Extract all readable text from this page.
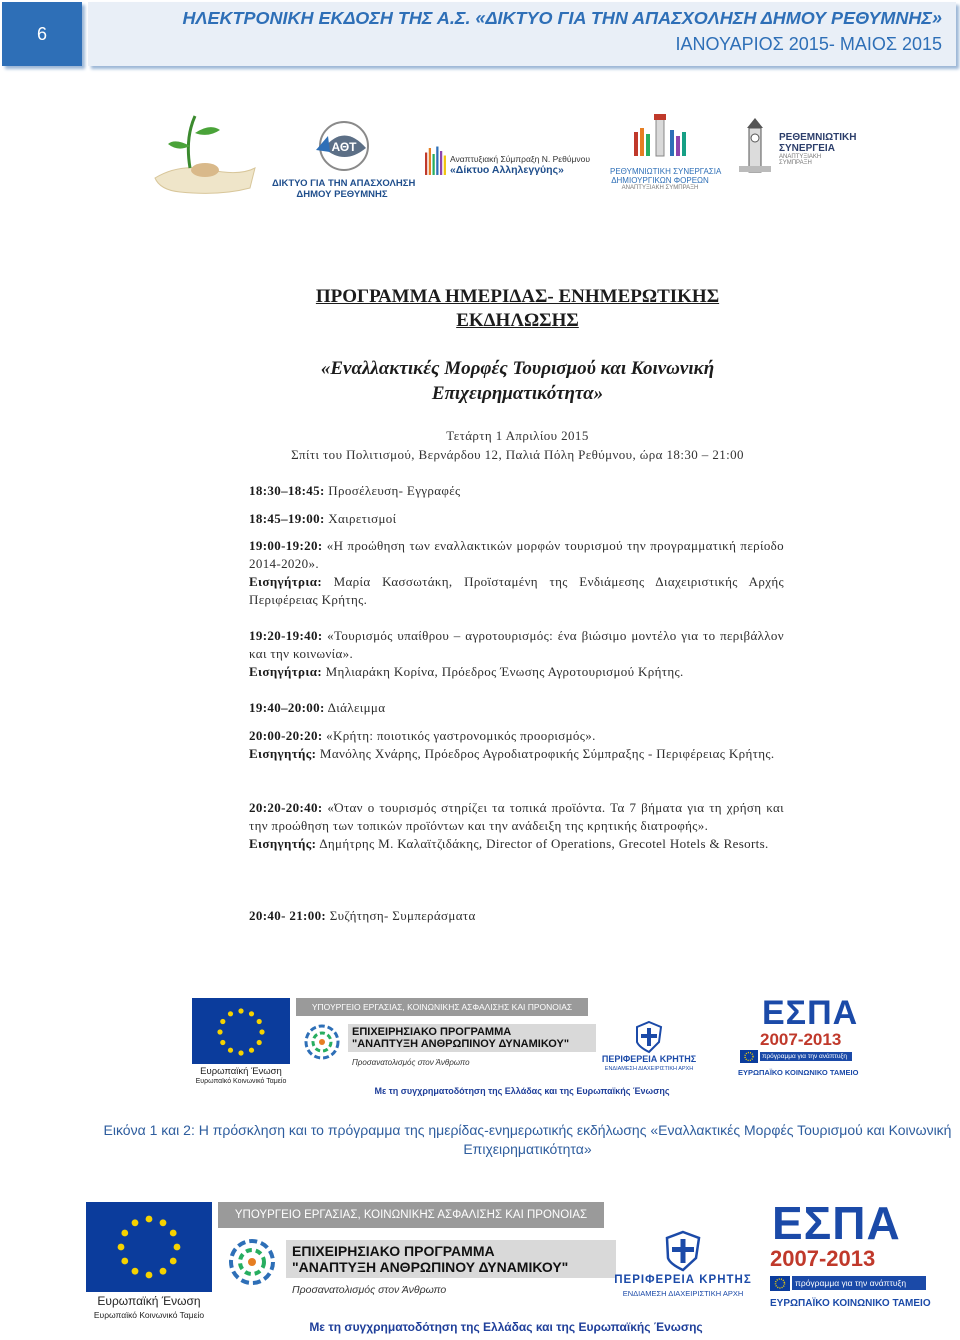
6
ΗΛΕΚΤΡΟΝΙΚΗ ΕΚΔΟΣΗ ΤΗΣ Α.Σ. «ΔΙΚΤΥΟ ΓΙΑ ΤΗΝ ΑΠΑΣΧΟΛΗΣΗ ΔΗΜΟΥ ΡΕΘΥΜΝΗΣ»
ΙΑΝΟΥΑΡΙΟΣ 2015- ΜΑΙΟΣ 2015
ΑΘΤ
ΔΙΚΤΥΟ ΓΙΑ ΤΗΝ ΑΠΑΣΧΟΛΗΣΗ
ΔΗΜΟΥ ΡΕΘΥΜΝΗΣ
Αναπτυξιακή Σύμπραξη Ν. Ρεθύμνου
«Δίκτυο Αλληλεγγύης»	ΡΕΘΥΜΝΙΩΤΙΚΗ ΣΥΝΕΡΓΑΣΙΑ
ΔΗΜΙΟΥΡΓΙΚΩΝ ΦΟΡΕΩΝ
ΑΝΑΠΤΥΞΙΑΚΗ ΣΥΜΠΡΑΞΗ
ΡΕΘΕΜΝΙΩΤΙΚΗ
ΣΥΝΕΡΓΕΙΑ
ΑΝΑΠΤΥΞΙΑΚΗ
ΣΥΜΠΡΑΞΗ
ΠΡΟΓΡΑΜΜΑ ΗΜΕΡΙΔΑΣ- ΕΝΗΜΕΡΩΤΙΚΗΣ
ΕΚΔΗΛΩΣΗΣ
«Εναλλακτικές Μορφές Τουρισμού και Κοινωνική
Επιχειρηματικότητα»
Τετάρτη 1 Απριλίου 2015
Σπίτι του Πολιτισμού, Βερνάρδου 12, Παλιά Πόλη Ρεθύμνου, ώρα 18:30 – 21:00
18:30–18:45: Προσέλευση- Εγγραφές
18:45–19:00: Χαιρετισμοί
19:00-19:20: «Η προώθηση των εναλλακτικών μορφών τουρισμού την προγραμματική περίοδο 2014-2020».
Εισηγήτρια: Μαρία Κασσωτάκη, Προϊσταμένη της Ενδιάμεσης Διαχειριστικής Αρχής Περιφέρειας Κρήτης.
19:20-19:40: «Τουρισμός υπαίθρου – αγροτουρισμός: ένα βιώσιμο μοντέλο για το περιβάλλον και την κοινωνία».
Εισηγήτρια: Μηλιαράκη Κορίνα, Πρόεδρος Ένωσης Αγροτουρισμού Κρήτης.
19:40–20:00: Διάλειμμα
20:00-20:20: «Κρήτη: ποιοτικός γαστρονομικός προορισμός».
Εισηγητής: Μανόλης Χνάρης, Πρόεδρος Αγροδιατροφικής Σύμπραξης - Περιφέρειας Κρήτης.
20:20-20:40: «Όταν ο τουρισμός στηρίζει τα τοπικά προϊόντα. Τα 7 βήματα για τη χρήση και την προώθηση των τοπικών προϊόντων και την ανάδειξη της κρητικής διατροφής».
Εισηγητής: Δημήτρης Μ. Καλαϊτζιδάκης, Director of Operations, Grecotel Hotels & Resorts.
20:40- 21:00: Συζήτηση- Συμπεράσματα
Ευρωπαϊκή Ένωση
Ευρωπαϊκό Κοινωνικό Ταμείο
ΥΠΟΥΡΓΕΙΟ ΕΡΓΑΣΙΑΣ, ΚΟΙΝΩΝΙΚΗΣ ΑΣΦΑΛΙΣΗΣ ΚΑΙ ΠΡΟΝΟΙΑΣ
ΕΠΙΧΕΙΡΗΣΙΑΚΟ ΠΡΟΓΡΑΜΜΑ
"ΑΝΑΠΤΥΞΗ ΑΝΘΡΩΠΙΝΟΥ ΔΥΝΑΜΙΚΟΥ"
Προσανατολισμός στον Άνθρωπο	ΠΕΡΙΦΕΡΕΙΑ ΚΡΗΤΗΣ
ΕΝΔΙΑΜΕΣΗ ΔΙΑΧΕΙΡΙΣΤΙΚΗ ΑΡΧΗ
ΕΣΠΑ
2007-2013
πρόγραμμα για την ανάπτυξη
ΕΥΡΩΠΑΪΚΟ ΚΟΙΝΩΝΙΚΟ ΤΑΜΕΙΟ
Με τη συγχρηματοδότηση της Ελλάδας και της Ευρωπαϊκής Ένωσης
Εικόνα 1 και 2: Η πρόσκληση και το πρόγραμμα της ημερίδας-ενημερωτικής εκδήλωσης «Εναλλακτικές Μορφές Τουρισμού και Κοινωνική Επιχειρηματικότητα»
Ευρωπαϊκή Ένωση
Ευρωπαϊκό Κοινωνικό Ταμείο
ΥΠΟΥΡΓΕΙΟ ΕΡΓΑΣΙΑΣ, ΚΟΙΝΩΝΙΚΗΣ ΑΣΦΑΛΙΣΗΣ ΚΑΙ ΠΡΟΝΟΙΑΣ
ΕΠΙΧΕΙΡΗΣΙΑΚΟ ΠΡΟΓΡΑΜΜΑ
"ΑΝΑΠΤΥΞΗ ΑΝΘΡΩΠΙΝΟΥ ΔΥΝΑΜΙΚΟΥ"
Προσανατολισμός στον Άνθρωπο
ΠΕΡΙΦΕΡΕΙΑ ΚΡΗΤΗΣ
ΕΝΔΙΑΜΕΣΗ ΔΙΑΧΕΙΡΙΣΤΙΚΗ ΑΡΧΗ
ΕΣΠΑ
2007-2013
πρόγραμμα για την ανάπτυξη
ΕΥΡΩΠΑΪΚΟ ΚΟΙΝΩΝΙΚΟ ΤΑΜΕΙΟ
Με τη συγχρηματοδότηση της Ελλάδας και της Ευρωπαϊκής Ένωσης
